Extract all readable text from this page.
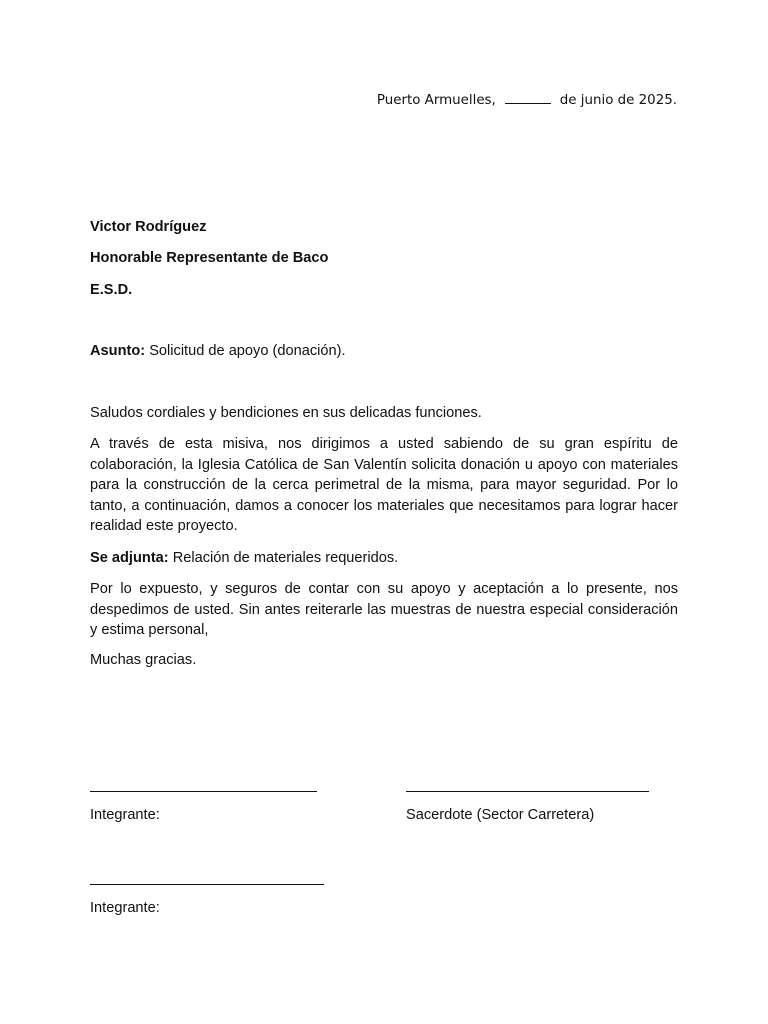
Puerto Armuelles,	de junio de 2025.
Victor Rodríguez
Honorable Representante de Baco
E.S.D.
Asunto: Solicitud de apoyo (donación).
Saludos cordiales y bendiciones en sus delicadas funciones.
A través de esta misiva, nos dirigimos a usted sabiendo de su gran espíritu de colaboración, la Iglesia Católica de San Valentín solicita donación u apoyo con materiales para la construcción de la cerca perimetral de la misma, para mayor seguridad. Por lo tanto, a continuación, damos a conocer los materiales que necesitamos para lograr hacer realidad este proyecto.
Se adjunta: Relación de materiales requeridos.
Por lo expuesto, y seguros de contar con su apoyo y aceptación a lo presente, nos despedimos de usted. Sin antes reiterarle las muestras de nuestra especial consideración y estima personal,
Muchas gracias.
Integrante:	Sacerdote (Sector Carretera)
Integrante:
